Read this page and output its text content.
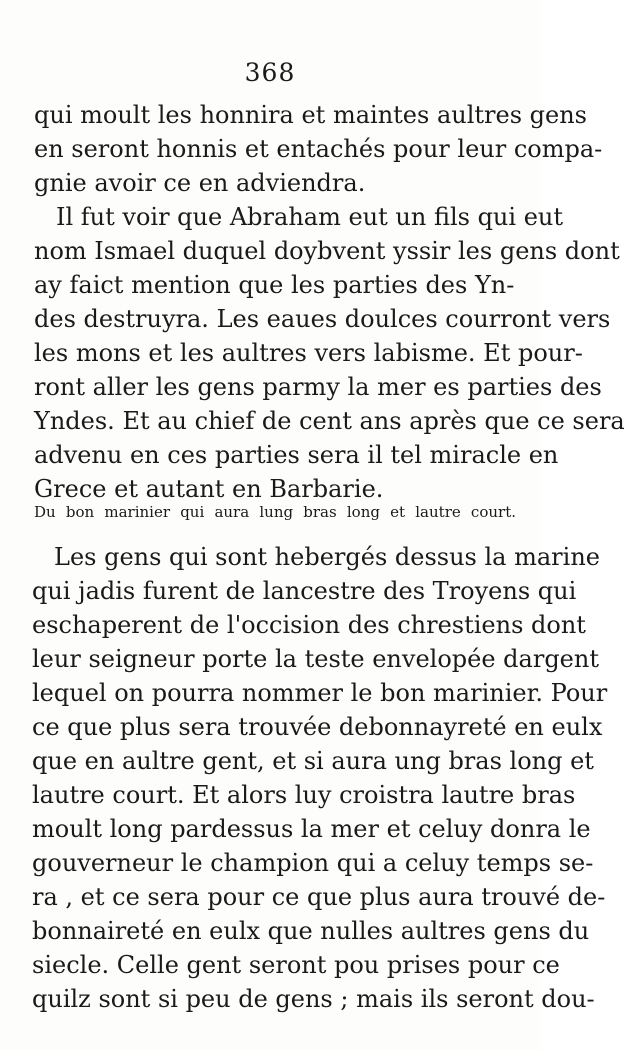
368
qui moult les honnira et maintes aultres gens
en seront honnis et entachés pour leur compa-
gnie avoir ce en adviendra.
Il fut voir que Abraham eut un fils qui eut
nom Ismael duquel doybvent yssir les gens dont
ay faict mention que les parties des Yn-
des destruyra. Les eaues doulces courront vers
les mons et les aultres vers labisme. Et pour-
ront aller les gens parmy la mer es parties des
Yndes. Et au chief de cent ans après que ce sera
advenu en ces parties sera il tel miracle en
Grece et autant en Barbarie.
Du bon marinier qui aura lung bras long et lautre court.
Les gens qui sont hebergés dessus la marine
qui jadis furent de lancestre des Troyens qui
eschaperent de l'occision des chrestiens dont
leur seigneur porte la teste envelopée dargent
lequel on pourra nommer le bon marinier. Pour
ce que plus sera trouvée debonnayreté en eulx
que en aultre gent, et si aura ung bras long et
lautre court. Et alors luy croistra lautre bras
moult long pardessus la mer et celuy donra le
gouverneur le champion qui a celuy temps se-
ra , et ce sera pour ce que plus aura trouvé de-
bonnaireté en eulx que nulles aultres gens du
siecle. Celle gent seront pou prises pour ce
quilz sont si peu de gens ; mais ils seront dou-
